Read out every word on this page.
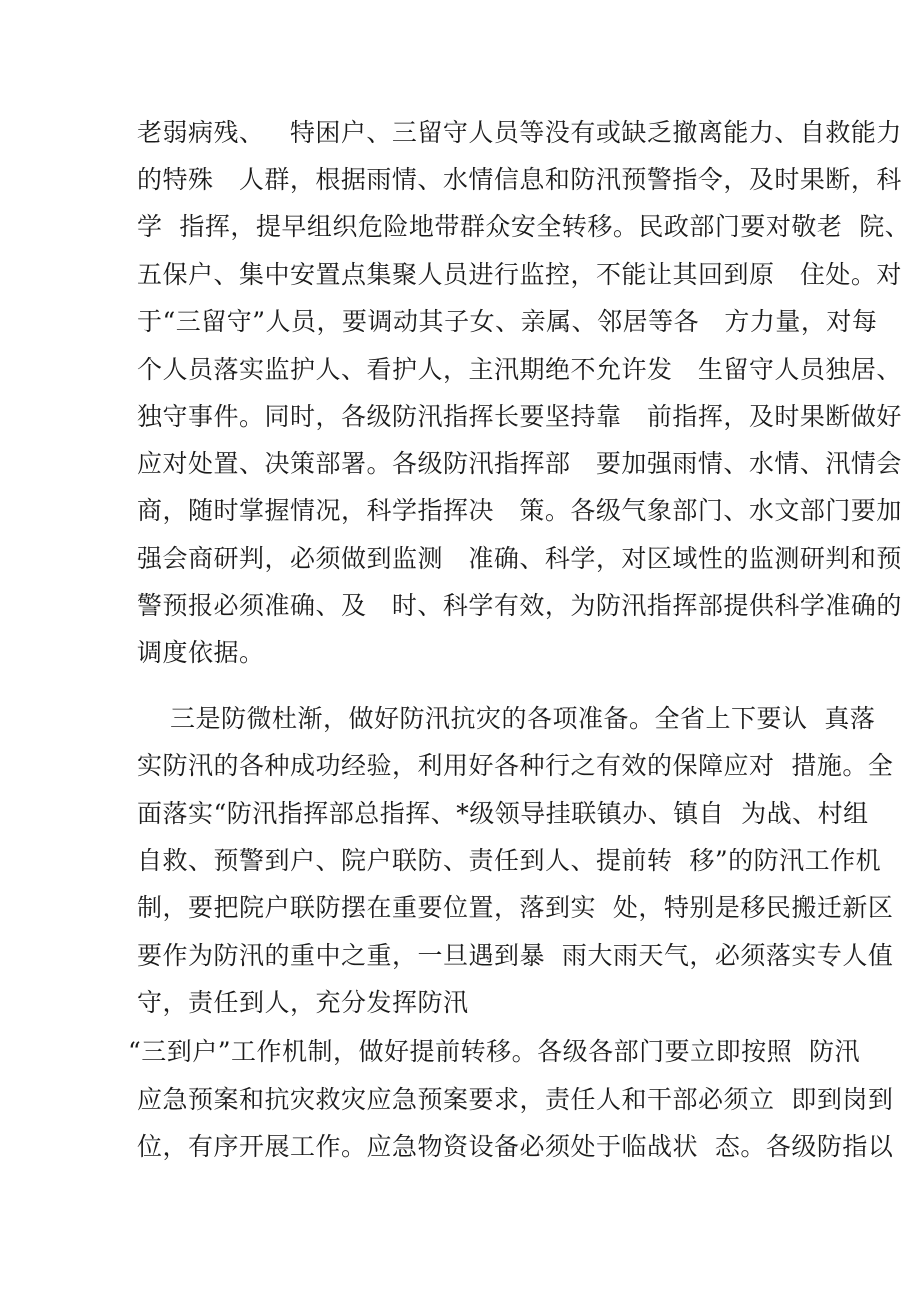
老弱病残、   特困户、三留守人员等没有或缺乏撤离能力、自救能力
的特殊   人群，根据雨情、水情信息和防汛预警指令，及时果断，科
学  指挥，提早组织危险地带群众安全转移。民政部门要对敬老  院、
五保户、集中安置点集聚人员进行监控，不能让其回到原   住处。对
于“三留守”人员，要调动其子女、亲属、邻居等各   方力量，对每
个人员落实监护人、看护人，主汛期绝不允许发   生留守人员独居、
独守事件。同时，各级防汛指挥长要坚持靠   前指挥，及时果断做好
应对处置、决策部署。各级防汛指挥部   要加强雨情、水情、汛情会
商，随时掌握情况，科学指挥决   策。各级气象部门、水文部门要加
强会商研判，必须做到监测   准确、科学，对区域性的监测研判和预
警预报必须准确、及   时、科学有效，为防汛指挥部提供科学准确的
调度依据。
三是防微杜渐，做好防汛抗灾的各项准备。全省上下要认  真落
实防汛的各种成功经验，利用好各种行之有效的保障应对  措施。全
面落实“防汛指挥部总指挥、*级领导挂联镇办、镇自  为战、村组
自救、预警到户、院户联防、责任到人、提前转  移”的防汛工作机
制，要把院户联防摆在重要位置，落到实  处，特别是移民搬迁新区
要作为防汛的重中之重，一旦遇到暴  雨大雨天气，必须落实专人值
守，责任到人，充分发挥防汛
“三到户”工作机制，做好提前转移。各级各部门要立即按照  防汛
应急预案和抗灾救灾应急预案要求，责任人和干部必须立  即到岗到
位，有序开展工作。应急物资设备必须处于临战状  态。各级防指以
